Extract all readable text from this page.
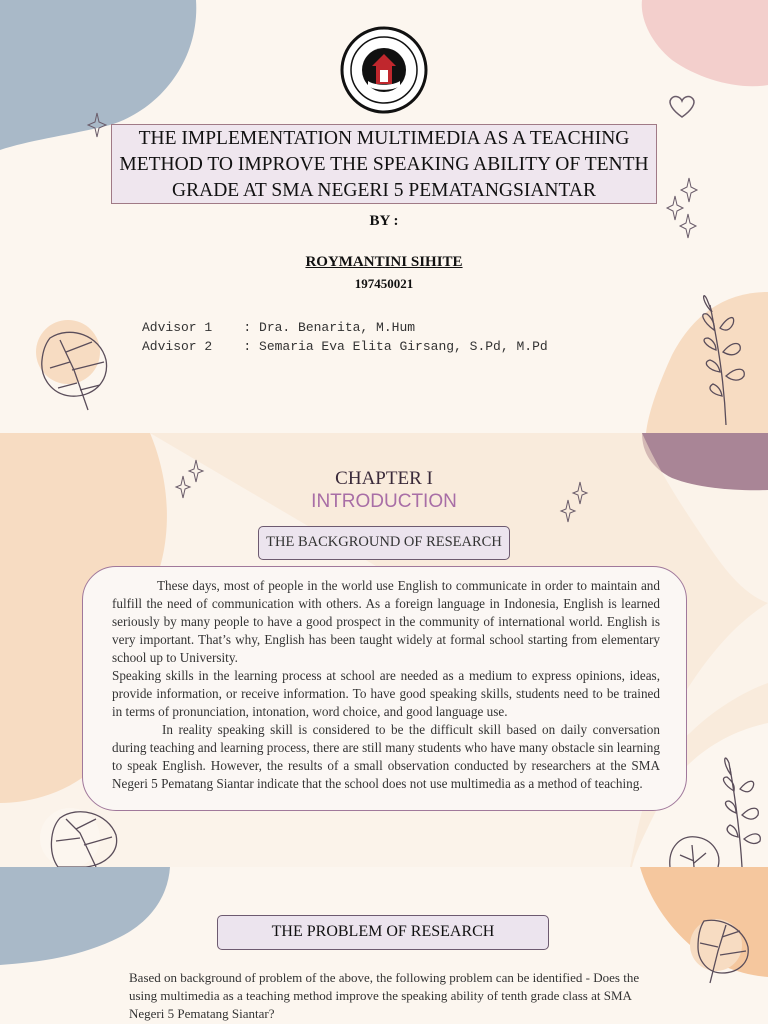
THE IMPLEMENTATION MULTIMEDIA AS A TEACHING METHOD TO IMPROVE THE SPEAKING ABILITY OF TENTH GRADE AT SMA NEGERI 5 PEMATANGSIANTAR
BY :
ROYMANTINI SIHITE
197450021
Advisor 1    : Dra. Benarita, M.Hum
Advisor 2    : Semaria Eva Elita Girsang, S.Pd, M.Pd
CHAPTER I
INTRODUCTION
THE BACKGROUND OF RESEARCH

These days, most of people in the world use English to communicate in order to maintain and fulfill the need of communication with others. As a foreign language in Indonesia, English is learned seriously by many people to have a good prospect in the community of international world. English is very important. That’s why, English has been taught widely at formal school starting from elementary school up to University.

Speaking skills in the learning process at school are needed as a medium to express opinions, ideas, provide information, or receive information. To have good speaking skills, students need to be trained in terms of pronunciation, intonation, word choice, and good language use.

In reality speaking skill is considered to be the difficult skill based on daily conversation during teaching and learning process, there are still many students who have many obstacle sin learning to speak English. However, the results of a small observation conducted by researchers at the SMA Negeri 5 Pematang Siantar indicate that the school does not use multimedia as a method of teaching.

THE PROBLEM OF RESEARCH
Based on background of problem of the above, the following problem can be identified - Does the using multimedia as a teaching method improve the speaking ability of tenth grade class at SMA Negeri 5 Pematang Siantar?
